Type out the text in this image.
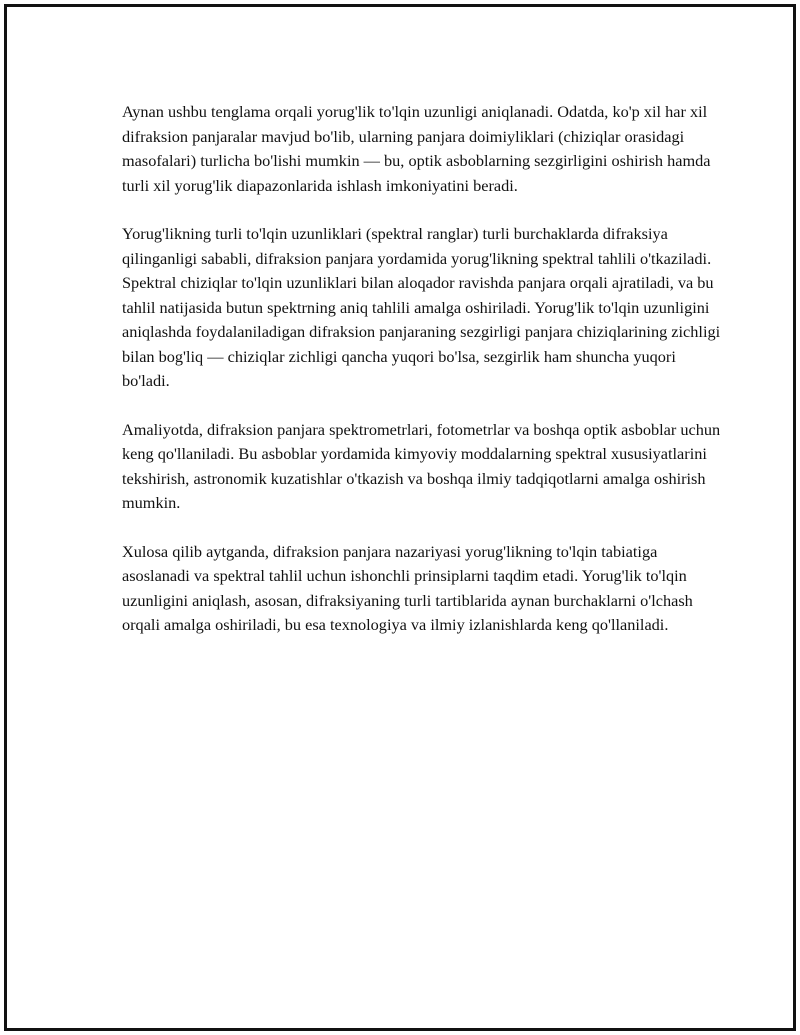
Aynan ushbu tenglama orqali yorug'lik to'lqin uzunligi aniqlanadi. Odatda, ko'p xil har xil difraksion panjaralar mavjud bo'lib, ularning panjara doimiyliklari (chiziqlar orasidagi masofalari) turlicha bo'lishi mumkin — bu, optik asboblarning sezgirligini oshirish hamda turli xil yorug'lik diapazonlarida ishlash imkoniyatini beradi.

Yorug'likning turli to'lqin uzunliklari (spektral ranglar) turli burchaklarda difraksiya qilinganligi sababli, difraksion panjara yordamida yorug'likning spektral tahlili o'tkaziladi. Spektral chiziqlar to'lqin uzunliklari bilan aloqador ravishda panjara orqali ajratiladi, va bu tahlil natijasida butun spektrning aniq tahlili amalga oshiriladi. Yorug'lik to'lqin uzunligini aniqlashda foydalaniladigan difraksion panjaraning sezgirligi panjara chiziqlarining zichligi bilan bog'liq — chiziqlar zichligi qancha yuqori bo'lsa, sezgirlik ham shuncha yuqori bo'ladi.

Amaliyotda, difraksion panjara spektrometrlari, fotometrlar va boshqa optik asboblar uchun keng qo'llaniladi. Bu asboblar yordamida kimyoviy moddalarning spektral xususiyatlarini tekshirish, astronomik kuzatishlar o'tkazish va boshqa ilmiy tadqiqotlarni amalga oshirish mumkin.

Xulosa qilib aytganda, difraksion panjara nazariyasi yorug'likning to'lqin tabiatiga asoslanadi va spektral tahlil uchun ishonchli prinsiplarni taqdim etadi. Yorug'lik to'lqin uzunligini aniqlash, asosan, difraksiyaning turli tartiblarida aynan burchaklarni o'lchash orqali amalga oshiriladi, bu esa texnologiya va ilmiy izlanishlarda keng qo'llaniladi.
